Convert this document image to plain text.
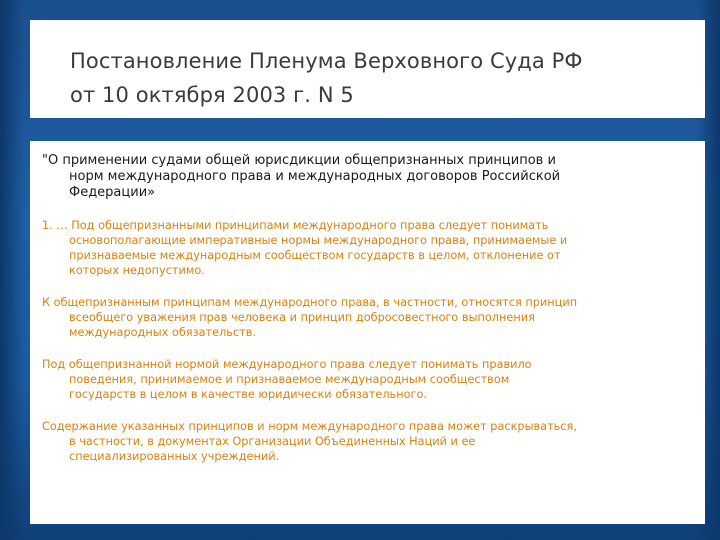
Постановление Пленума Верховного Суда РФ
от 10 октября 2003 г. N 5

"О применении судами общей юрисдикции общепризнанных принципов и
норм международного права и международных договоров Российской
Федерации»

1. … Под общепризнанными принципами международного права следует понимать
основополагающие императивные нормы международного права, принимаемые и
признаваемые международным сообществом государств в целом, отклонение от
которых недопустимо.

К общепризнанным принципам международного права, в частности, относятся принцип
всеобщего уважения прав человека и принцип добросовестного выполнения
международных обязательств.

Под общепризнанной нормой международного права следует понимать правило
поведения, принимаемое и признаваемое международным сообществом
государств в целом в качестве юридически обязательного.

Содержание указанных принципов и норм международного права может раскрываться,
в частности, в документах Организации Объединенных Наций и ее
специализированных учреждений.
